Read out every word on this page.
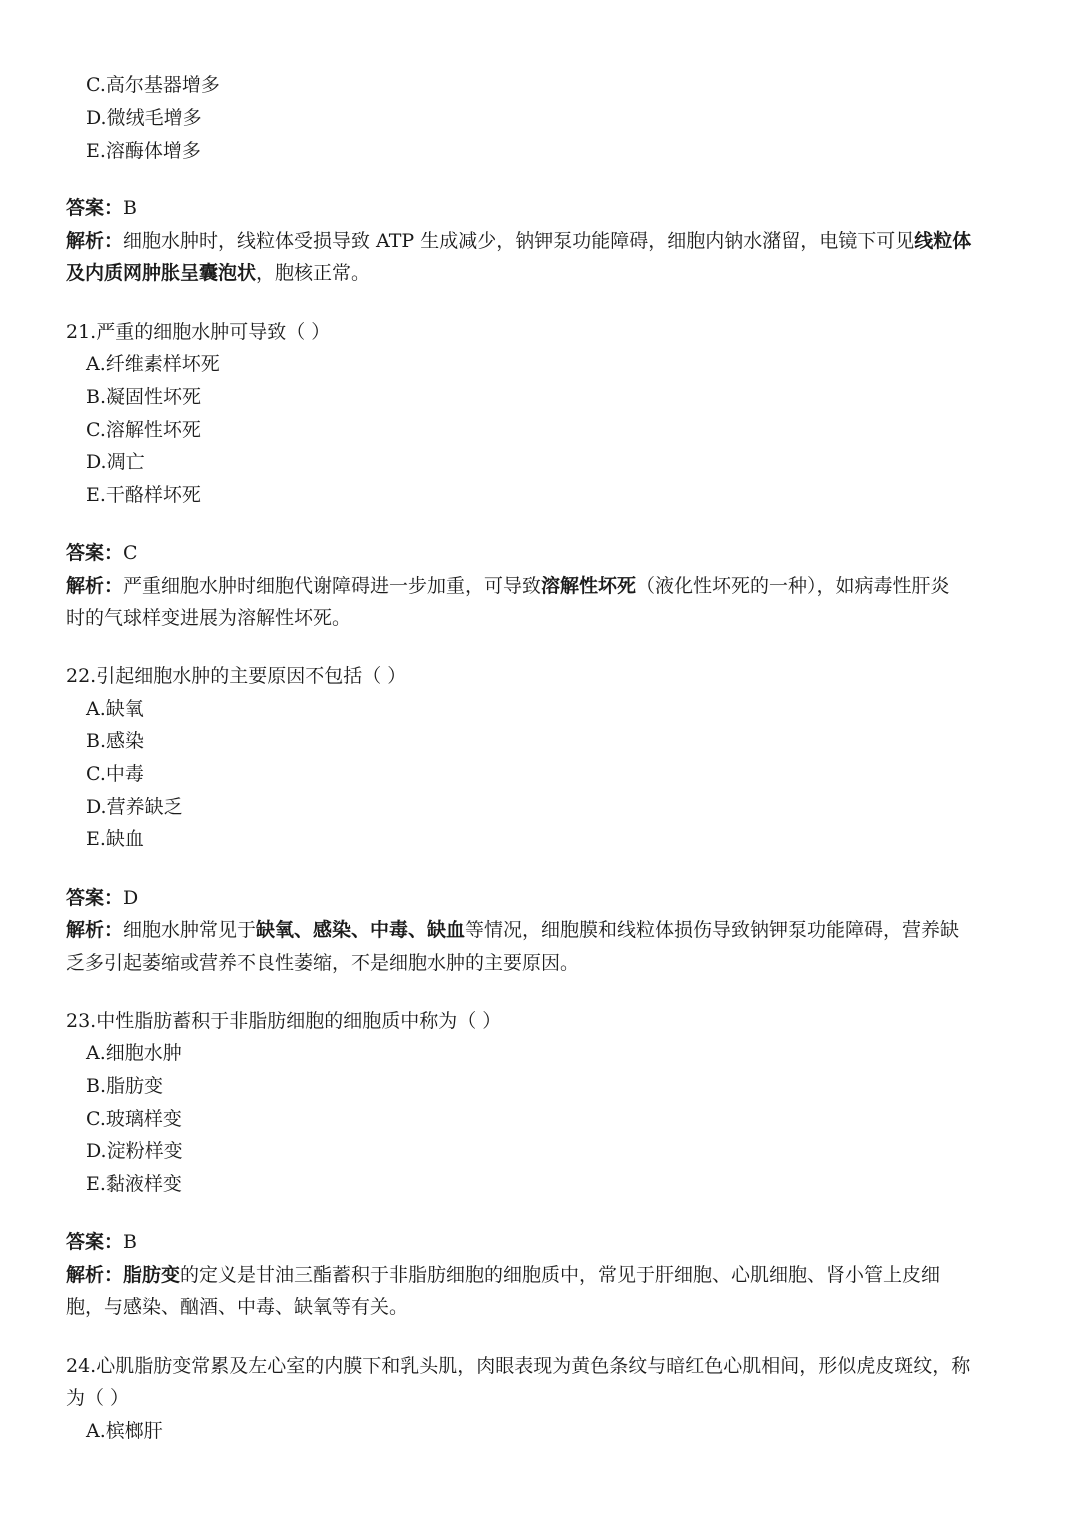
C.高尔基器增多

D.微绒毛增多

E.溶酶体增多

答案：B

解析：细胞水肿时，线粒体受损导致 ATP 生成减少，钠钾泵功能障碍，细胞内钠水潴留，电镜下可见线粒体

及内质网肿胀呈囊泡状，胞核正常。

21.严重的细胞水肿可导致（ ）

A.纤维素样坏死

B.凝固性坏死

C.溶解性坏死

D.凋亡

E.干酪样坏死

答案：C

解析：严重细胞水肿时细胞代谢障碍进一步加重，可导致溶解性坏死（液化性坏死的一种），如病毒性肝炎

时的气球样变进展为溶解性坏死。

22.引起细胞水肿的主要原因不包括（ ）

A.缺氧

B.感染

C.中毒

D.营养缺乏

E.缺血

答案：D

解析：细胞水肿常见于缺氧、感染、中毒、缺血等情况，细胞膜和线粒体损伤导致钠钾泵功能障碍，营养缺

乏多引起萎缩或营养不良性萎缩，不是细胞水肿的主要原因。

23.中性脂肪蓄积于非脂肪细胞的细胞质中称为（ ）

A.细胞水肿

B.脂肪变

C.玻璃样变

D.淀粉样变

E.黏液样变

答案：B

解析：脂肪变的定义是甘油三酯蓄积于非脂肪细胞的细胞质中，常见于肝细胞、心肌细胞、肾小管上皮细

胞，与感染、酗酒、中毒、缺氧等有关。

24.心肌脂肪变常累及左心室的内膜下和乳头肌，肉眼表现为黄色条纹与暗红色心肌相间，形似虎皮斑纹，称

为（ ）

A.槟榔肝
